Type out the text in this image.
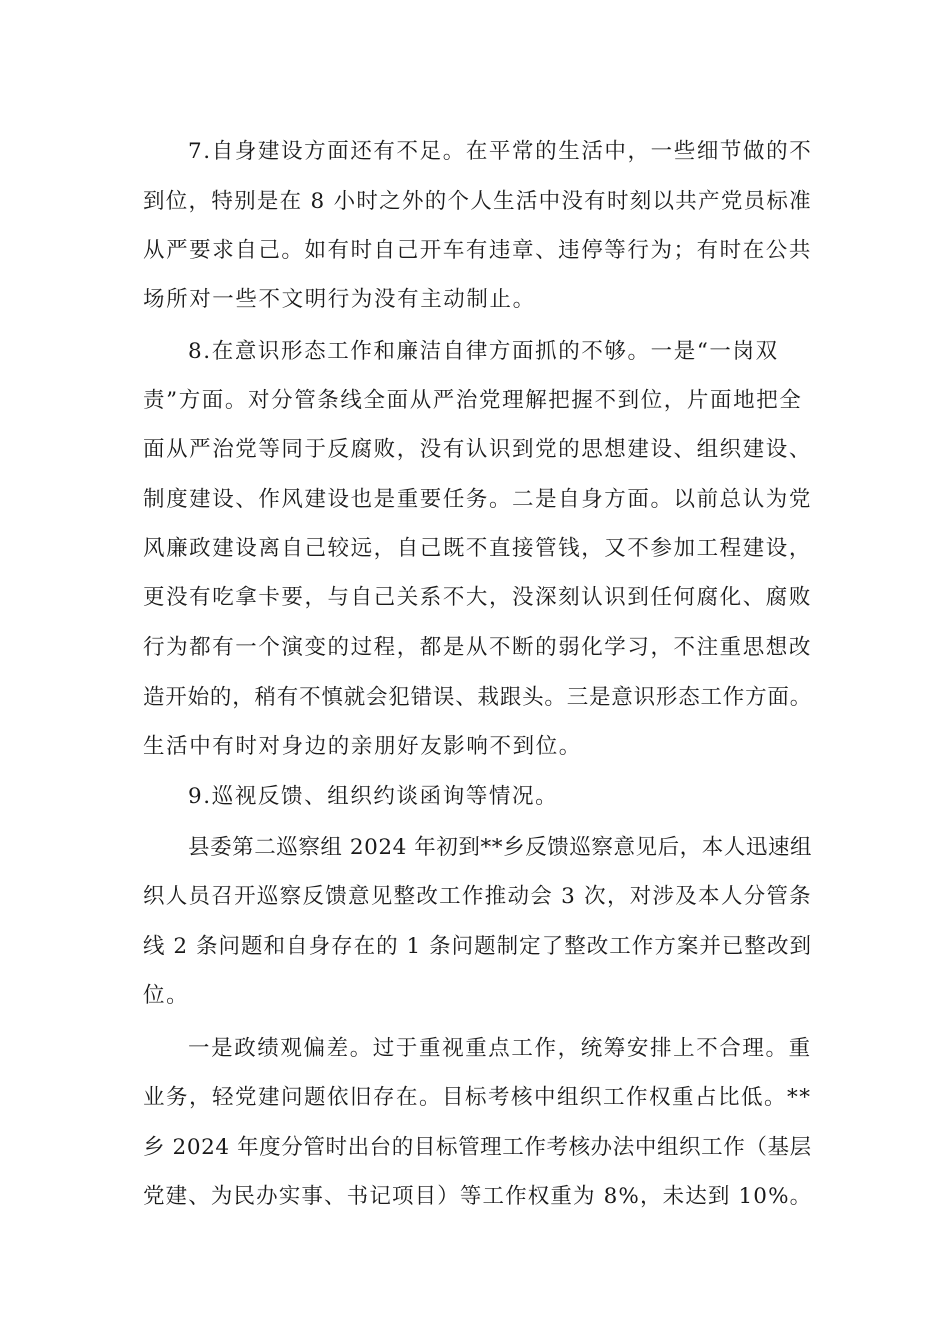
7.自身建设方面还有不足。在平常的生活中，一些细节做的不
到位，特别是在 8 小时之外的个人生活中没有时刻以共产党员标准
从严要求自己。如有时自己开车有违章、违停等行为；有时在公共
场所对一些不文明行为没有主动制止。
8.在意识形态工作和廉洁自律方面抓的不够。一是“一岗双
责”方面。对分管条线全面从严治党理解把握不到位，片面地把全
面从严治党等同于反腐败，没有认识到党的思想建设、组织建设、
制度建设、作风建设也是重要任务。二是自身方面。以前总认为党
风廉政建设离自己较远，自己既不直接管钱，又不参加工程建设，
更没有吃拿卡要，与自己关系不大，没深刻认识到任何腐化、腐败
行为都有一个演变的过程，都是从不断的弱化学习，不注重思想改
造开始的，稍有不慎就会犯错误、栽跟头。三是意识形态工作方面。
生活中有时对身边的亲朋好友影响不到位。
9.巡视反馈、组织约谈函询等情况。
县委第二巡察组 2024 年初到**乡反馈巡察意见后，本人迅速组
织人员召开巡察反馈意见整改工作推动会 3 次，对涉及本人分管条
线 2 条问题和自身存在的 1 条问题制定了整改工作方案并已整改到
位。
一是政绩观偏差。过于重视重点工作，统筹安排上不合理。重
业务，轻党建问题依旧存在。目标考核中组织工作权重占比低。**
乡 2024 年度分管时出台的目标管理工作考核办法中组织工作（基层
党建、为民办实事、书记项目）等工作权重为 8%，未达到 10%。
